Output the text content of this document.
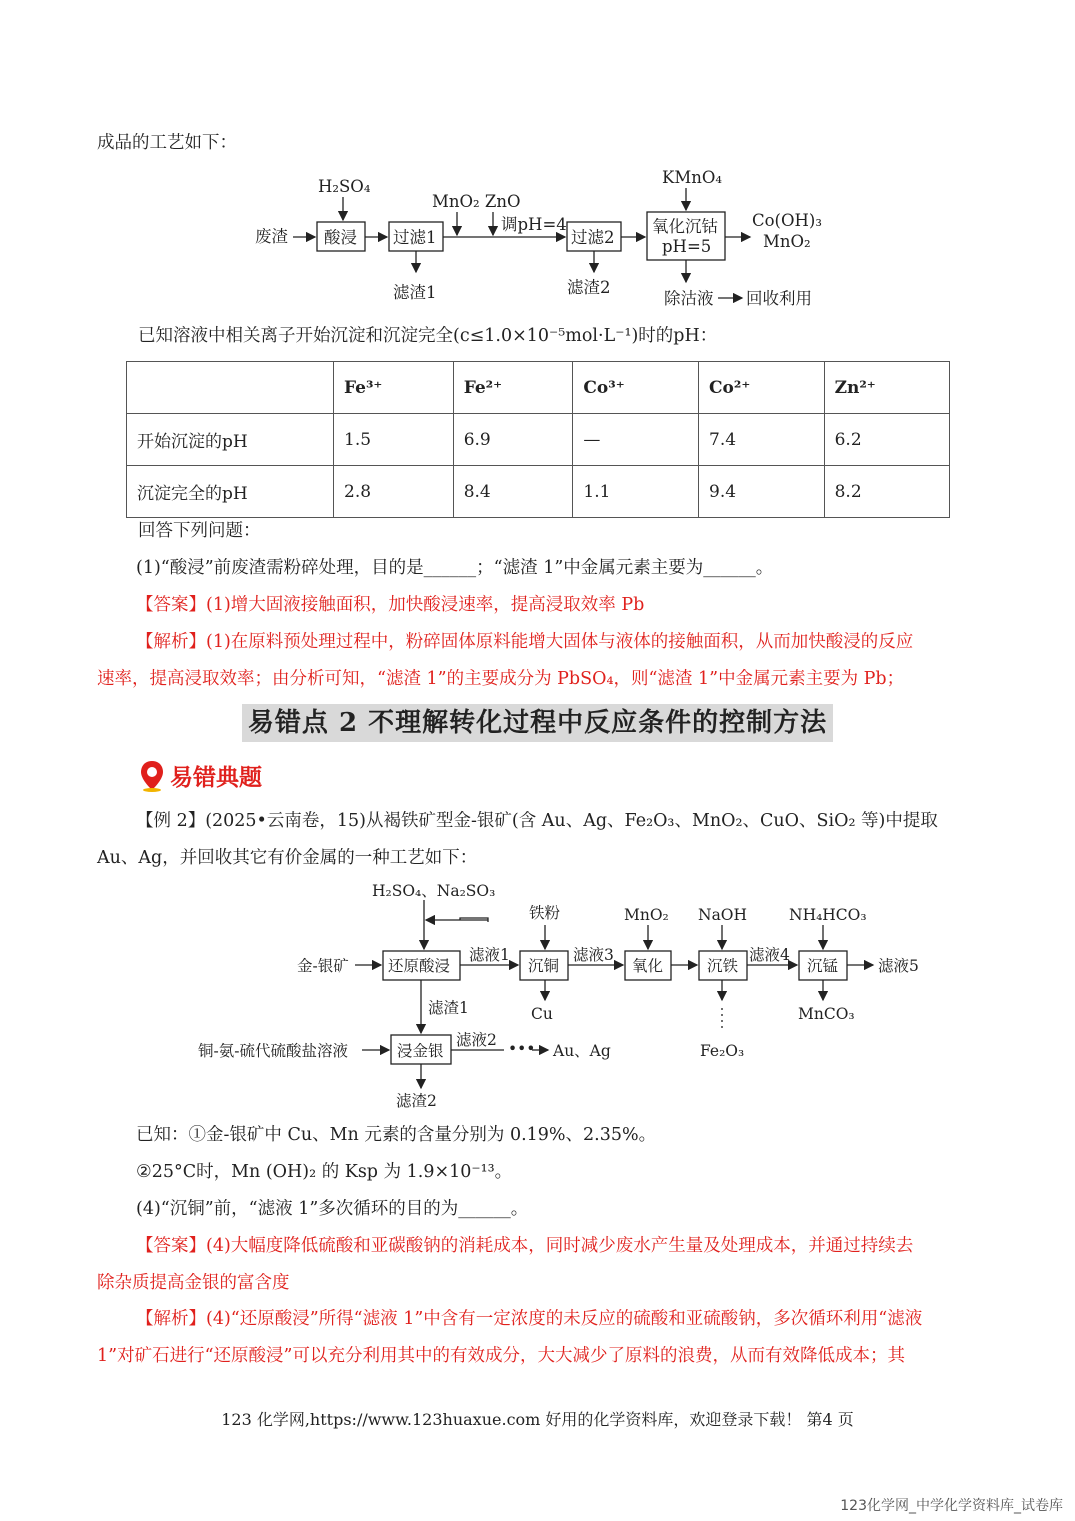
成品的工艺如下：
废渣
H₂SO₄
酸浸 过滤1
MnO₂ ZnO
调pH=4
过滤2
KMnO₄
氧化沉钴
pH=5
Co(OH)₃
MnO₂
滤渣1	滤渣2
除沽液 回收利用
已知溶液中相关离子开始沉淀和沉淀完全(c≤1.0×10⁻⁵mol·L⁻¹)时的pH：
	Fe³⁺	Fe²⁺	Co³⁺	Co²⁺	Zn²⁺
开始沉淀的pH	1.5	6.9	—	7.4	6.2
沉淀完全的pH	2.8	8.4	1.1	9.4	8.2
回答下列问题：
(1)“酸浸”前废渣需粉碎处理，目的是______；“滤渣 1”中金属元素主要为______。
【答案】(1)增大固液接触面积，加快酸浸速率，提高浸取效率 Pb
【解析】(1)在原料预处理过程中，粉碎固体原料能增大固体与液体的接触面积，从而加快酸浸的反应
速率，提高浸取效率；由分析可知，“滤渣 1”的主要成分为 PbSO₄，则“滤渣 1”中金属元素主要为 Pb；
易错点 2 不理解转化过程中反应条件的控制方法
易错典题
【例 2】(2025•云南卷，15)从褐铁矿型金-银矿(含 Au、Ag、Fe₂O₃、MnO₂、CuO、SiO₂ 等)中提取
Au、Ag，并回收其它有价金属的一种工艺如下：
H₂SO₄、Na₂SO₃
金-银矿	还原酸浸
滤液1
铁粉
沉铜
滤液3
MnO₂
氧化
NaOH
沉铁
滤液4
NH₄HCO₃
沉锰	滤液5
Cu
Fe₂O₃
MnCO₃
滤渣1
铜-氨-硫代硫酸盐溶液	浸金银
滤液2 ••• Au、Ag
滤渣2
已知：①金-银矿中 Cu、Mn 元素的含量分别为 0.19%、2.35%。
②25°C时，Mn (OH)₂ 的 Ksp 为 1.9×10⁻¹³。
(4)“沉铜”前，“滤液 1”多次循环的目的为______。
【答案】(4)大幅度降低硫酸和亚碳酸钠的消耗成本，同时减少废水产生量及处理成本，并通过持续去
除杂质提高金银的富含度
【解析】(4)“还原酸浸”所得“滤液 1”中含有一定浓度的未反应的硫酸和亚硫酸钠，多次循环利用“滤液
1”对矿石进行“还原酸浸”可以充分利用其中的有效成分，大大减少了原料的浪费，从而有效降低成本；其
123 化学网,https://www.123huaxue.com 好用的化学资料库，欢迎登录下载！ 第4 页
123化学网_中学化学资料库_试卷库
